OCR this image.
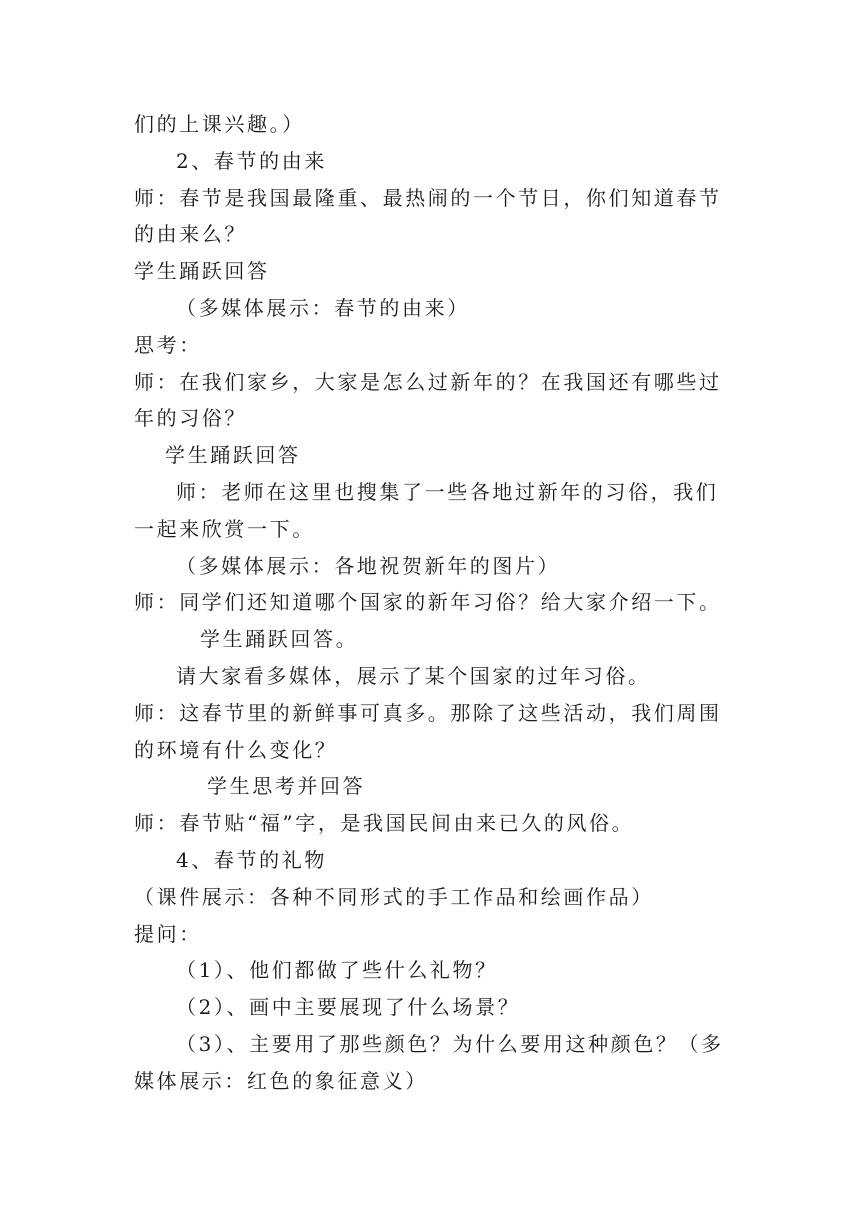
们的上课兴趣。）
2、春节的由来
师：春节是我国最隆重、最热闹的一个节日，你们知道春节
的由来么？
学生踊跃回答
（多媒体展示：春节的由来）
思考：
师：在我们家乡，大家是怎么过新年的？在我国还有哪些过
年的习俗？
学生踊跃回答
师：老师在这里也搜集了一些各地过新年的习俗，我们
一起来欣赏一下。
（多媒体展示：各地祝贺新年的图片）
师：同学们还知道哪个国家的新年习俗？给大家介绍一下。
学生踊跃回答。
请大家看多媒体，展示了某个国家的过年习俗。
师：这春节里的新鲜事可真多。那除了这些活动，我们周围
的环境有什么变化？
学生思考并回答
师：春节贴“福”字，是我国民间由来已久的风俗。
4、春节的礼物
（课件展示：各种不同形式的手工作品和绘画作品）
提问：
（1）、他们都做了些什么礼物？
（2）、画中主要展现了什么场景？
（3）、主要用了那些颜色？为什么要用这种颜色？（多
媒体展示：红色的象征意义）
